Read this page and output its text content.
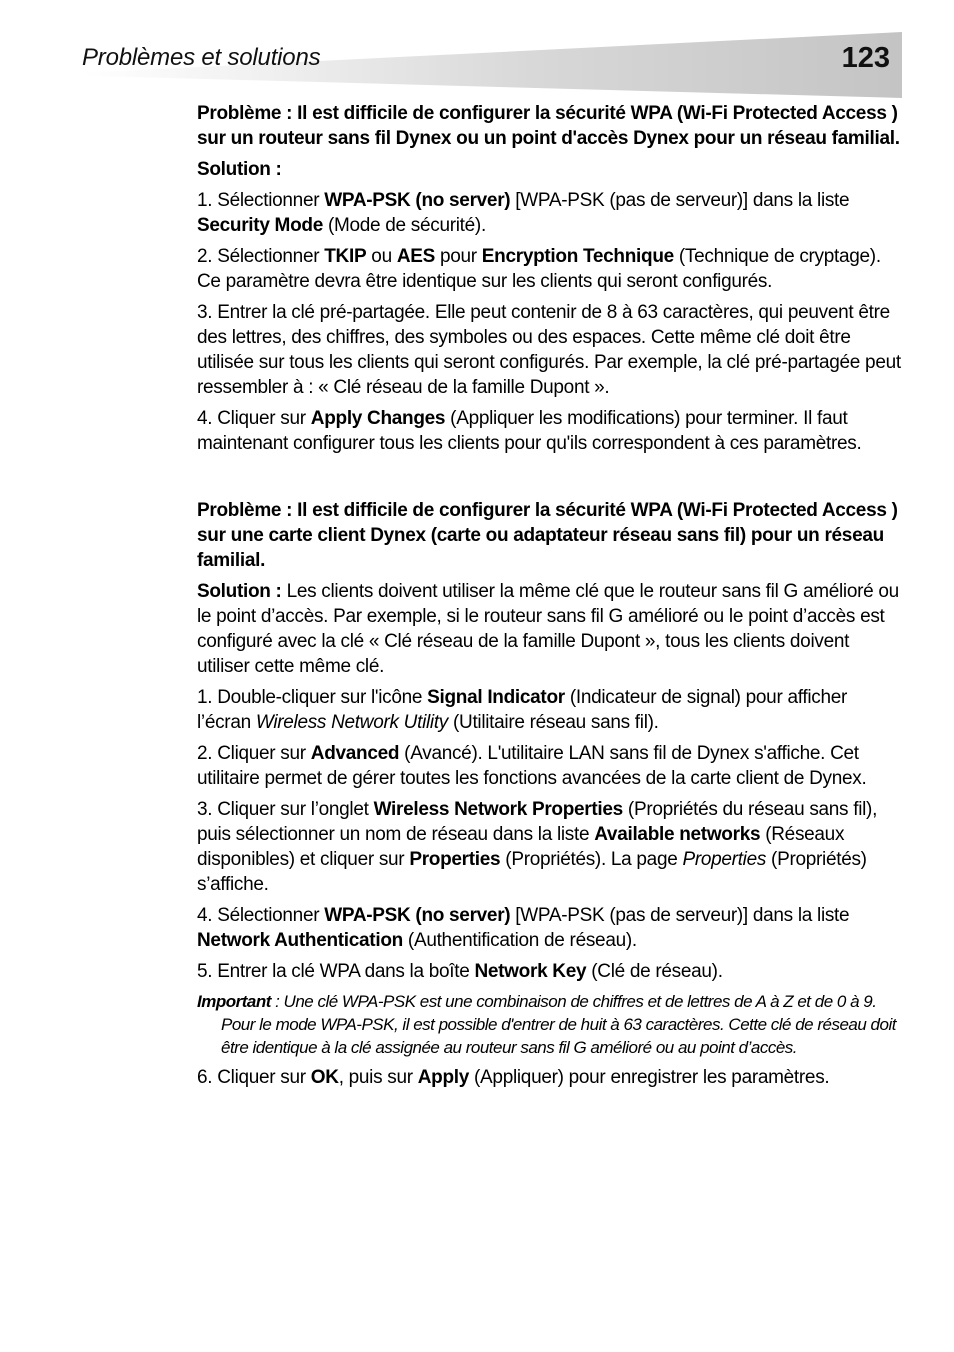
Problèmes et solutions	123

Problème : Il est difficile de configurer la sécurité WPA (Wi-Fi Protected Access ) sur un routeur sans fil Dynex ou un point d'accès Dynex pour un réseau familial.

Solution :

1. Sélectionner WPA-PSK (no server) [WPA-PSK (pas de serveur)] dans la liste Security Mode (Mode de sécurité).

2. Sélectionner TKIP ou AES pour Encryption Technique (Technique de cryptage). Ce paramètre devra être identique sur les clients qui seront configurés.

3. Entrer la clé pré-partagée. Elle peut contenir de 8 à 63 caractères, qui peuvent être des lettres, des chiffres, des symboles ou des espaces. Cette même clé doit être utilisée sur tous les clients qui seront configurés. Par exemple, la clé pré-partagée peut ressembler à : « Clé réseau de la famille Dupont ».

4. Cliquer sur Apply Changes (Appliquer les modifications) pour terminer. Il faut maintenant configurer tous les clients pour qu'ils correspondent à ces paramètres.

Problème : Il est difficile de configurer la sécurité WPA (Wi-Fi Protected Access ) sur une carte client Dynex (carte ou adaptateur réseau sans fil) pour un réseau familial.

Solution : Les clients doivent utiliser la même clé que le routeur sans fil G amélioré ou le point d’accès. Par exemple, si le routeur sans fil G amélioré ou le point d’accès est configuré avec la clé « Clé réseau de la famille Dupont », tous les clients doivent utiliser cette même clé.

1. Double-cliquer sur l'icône Signal Indicator (Indicateur de signal) pour afficher l’écran Wireless Network Utility (Utilitaire réseau sans fil).

2. Cliquer sur Advanced (Avancé). L'utilitaire LAN sans fil de Dynex s'affiche. Cet utilitaire permet de gérer toutes les fonctions avancées de la carte client de Dynex.

3. Cliquer sur l’onglet Wireless Network Properties (Propriétés du réseau sans fil), puis sélectionner un nom de réseau dans la liste Available networks (Réseaux disponibles) et cliquer sur Properties (Propriétés). La page Properties (Propriétés) s’affiche.

4. Sélectionner WPA-PSK (no server) [WPA-PSK (pas de serveur)] dans la liste Network Authentication (Authentification de réseau).

5. Entrer la clé WPA dans la boîte Network Key (Clé de réseau).

Important : Une clé WPA-PSK est une combinaison de chiffres et de lettres de A à Z et de 0 à 9. Pour le mode WPA-PSK, il est possible d'entrer de huit à 63 caractères. Cette clé de réseau doit être identique à la clé assignée au routeur sans fil G amélioré ou au point d’accès.

6. Cliquer sur OK, puis sur Apply (Appliquer) pour enregistrer les paramètres.
